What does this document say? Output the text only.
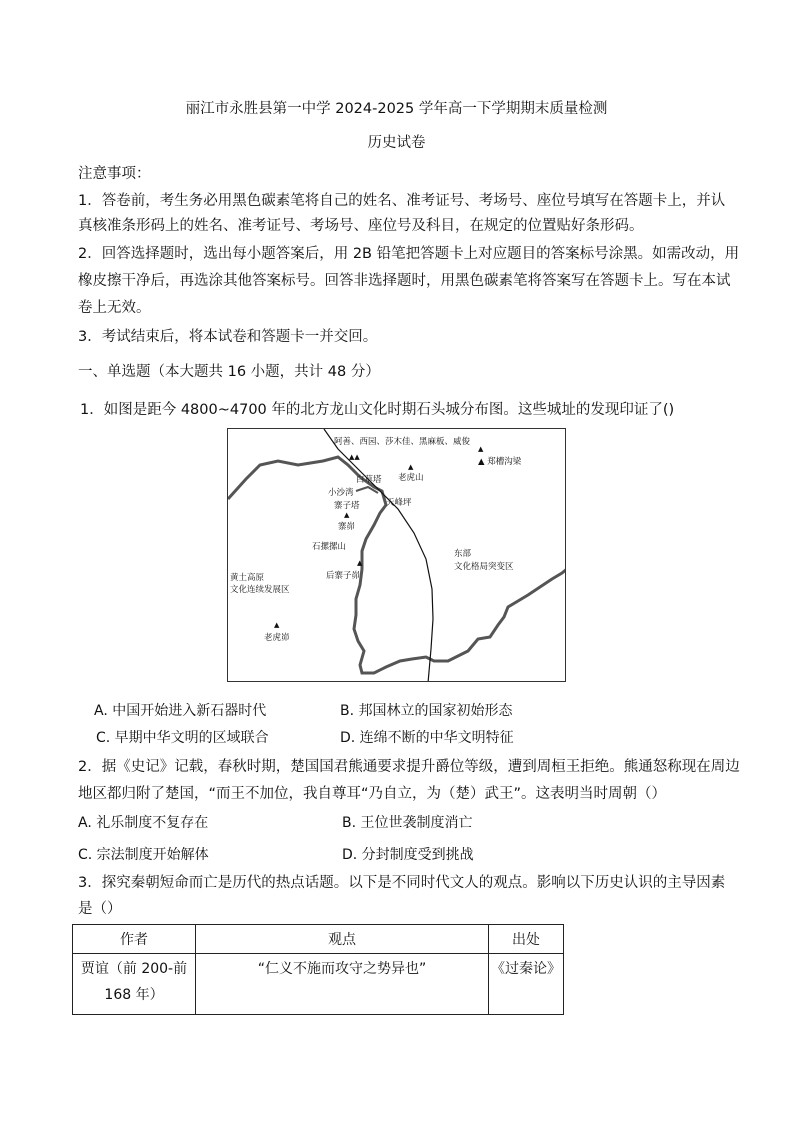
丽江市永胜县第一中学 2024-2025 学年高一下学期期末质量检测
历史试卷
注意事项：
1．答卷前，考生务必用黑色碳素笔将自己的姓名、准考证号、考场号、座位号填写在答题卡上，并认
真核准条形码上的姓名、准考证号、考场号、座位号及科目，在规定的位置贴好条形码。
2．回答选择题时，选出每小题答案后，用 2B 铅笔把答题卡上对应题目的答案标号涂黑。如需改动，用
橡皮擦干净后，再选涂其他答案标号。回答非选择题时，用黑色碳素笔将答案写在答题卡上。写在本试
卷上无效。
3．考试结束后，将本试卷和答题卡一并交回。
一、单选题（本大题共 16 小题，共计 48 分）
1．如图是距今 4800~4700 年的北方龙山文化时期石头城分布图。这些城址的发现印证了()
阿善、西园、莎木佳、黑麻板、威俊
▲▲
▲
▲ 郑槽沟梁
▲
老虎山
白草塔
小沙湾
寨子塔	天峰坪
▲
寨峁
石摞摞山
▲
后寨子峁
东部
文化格局突变区
黄土高原
文化连续发展区
▲
老虎峁
A. 中国开始进入新石器时代	B. 邦国林立的国家初始形态
C. 早期中华文明的区域联合	D. 连绵不断的中华文明特征
2．据《史记》记载，春秋时期，楚国国君熊通要求提升爵位等级，遭到周桓王拒绝。熊通怒称现在周边
地区都归附了楚国，“而王不加位，我自尊耳“乃自立，为（楚）武王”。这表明当时周朝（）
A. 礼乐制度不复存在	B. 王位世袭制度消亡
C. 宗法制度开始解体	D. 分封制度受到挑战
3．探究秦朝短命而亡是历代的热点话题。以下是不同时代文人的观点。影响以下历史认识的主导因素
是（）
作者	观点	出处

贾谊（前 200-前
168 年）	“仁义不施而攻守之势异也”	《过秦论》
